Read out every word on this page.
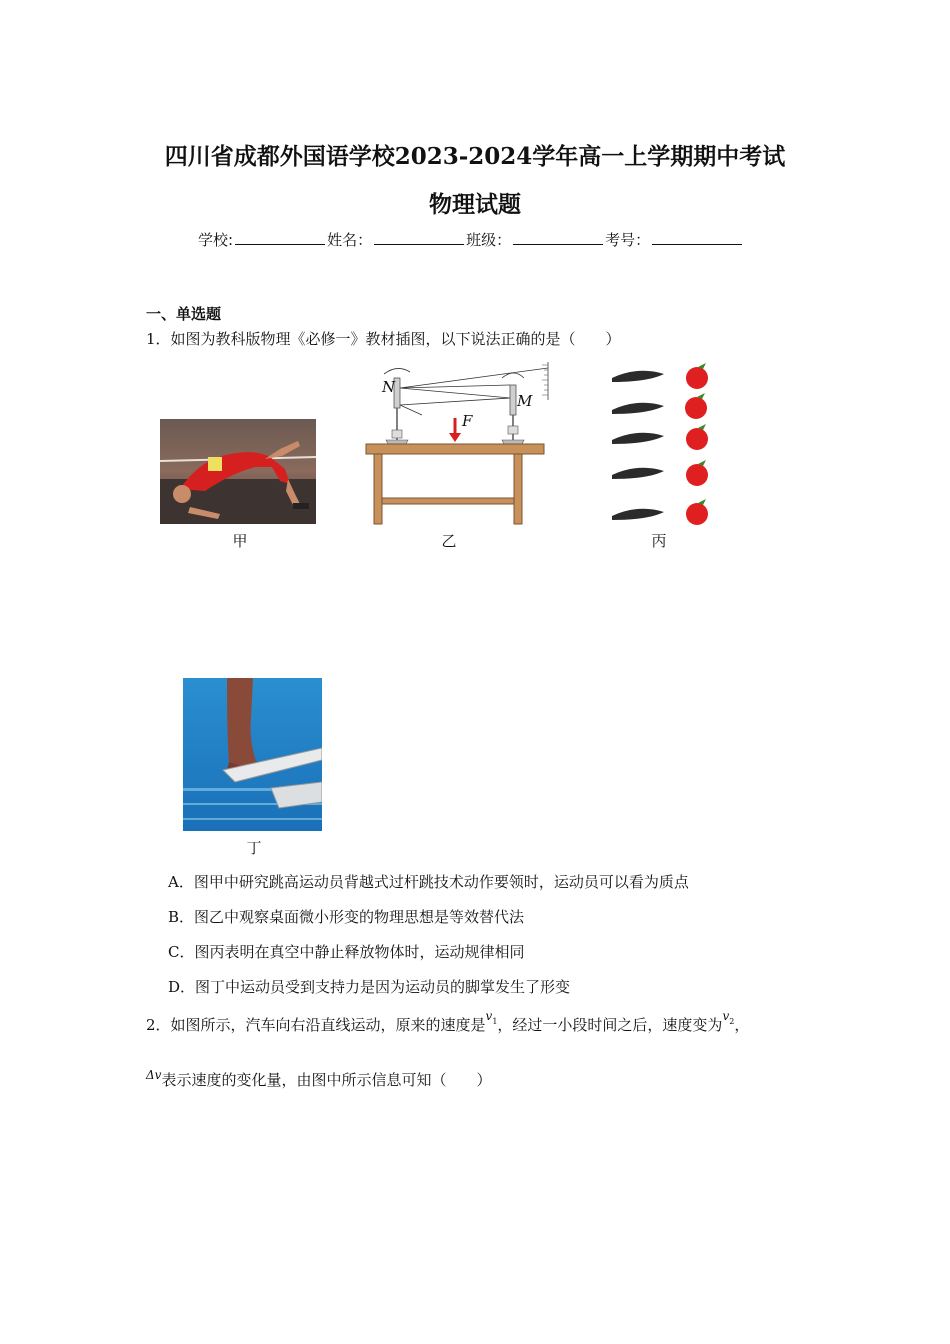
四川省成都外国语学校2023-2024学年高一上学期期中考试
物理试题
学校:	姓名：	班级：	考号：
一、单选题
1．如图为教科版物理《必修一》教材插图，以下说法正确的是（　　）
甲
N
M
F
乙	丙
丁
A．图甲中研究跳高运动员背越式过杆跳技术动作要领时，运动员可以看为质点
B．图乙中观察桌面微小形变的物理思想是等效替代法
C．图丙表明在真空中静止释放物体时，运动规律相同
D．图丁中运动员受到支持力是因为运动员的脚掌发生了形变
2．如图所示，汽车向右沿直线运动，原来的速度是$^{v1}$，经过一小段时间之后，速度变为$^{v2}$，
$^{\Delta v}$表示速度的变化量，由图中所示信息可知（　　）
